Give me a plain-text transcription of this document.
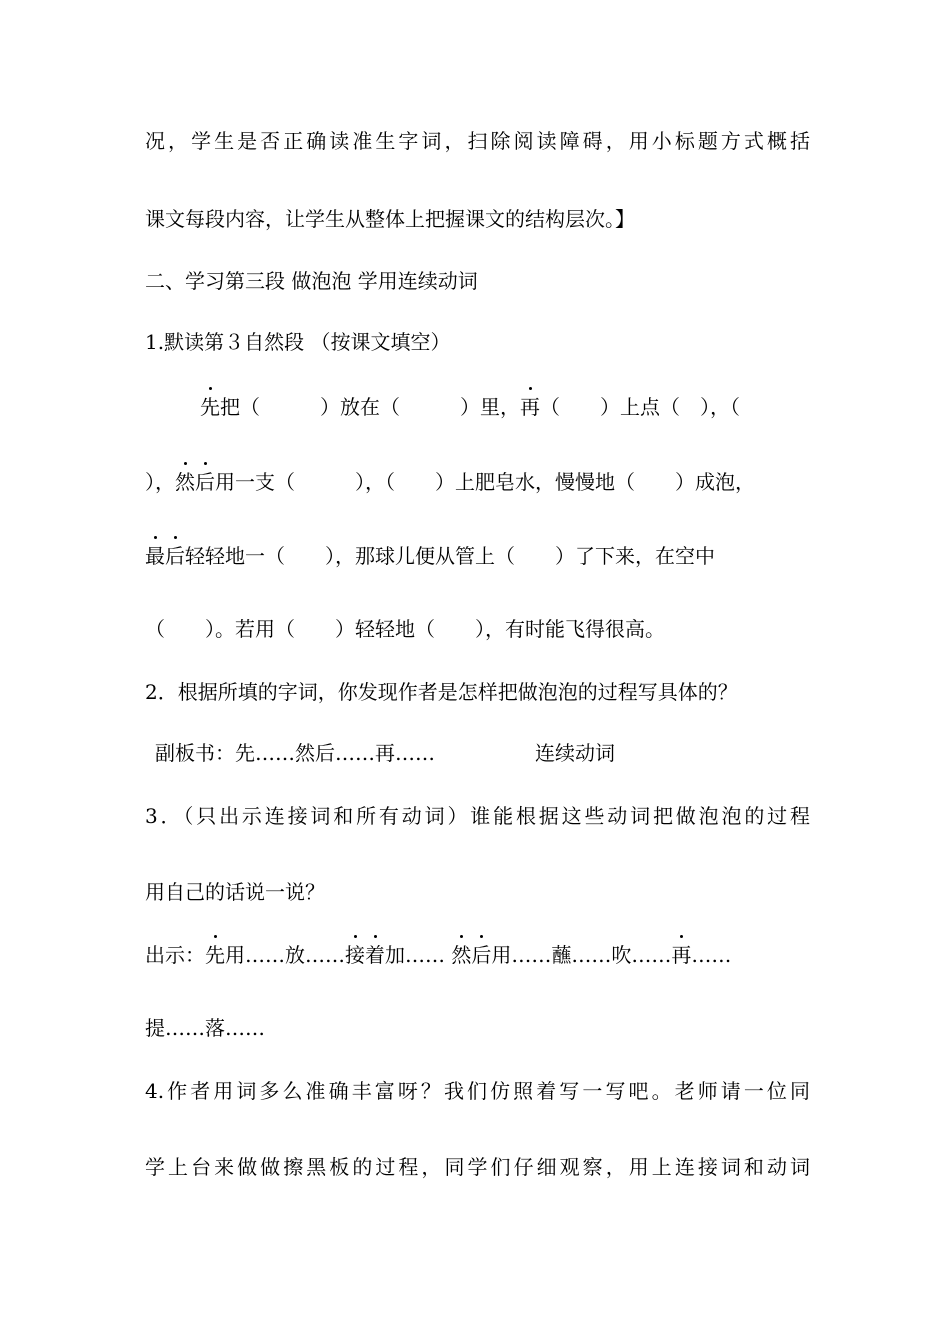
况，学生是否正确读准生字词，扫除阅读障碍，用小标题方式概括
课文每段内容，让学生从整体上把握课文的结构层次。】
二、学习第三段 做泡泡 学用连续动词
1.默读第３自然段 （按课文填空）
先把（　　　）放在（　　　）里，再（　　）上点（　），（
），然后用一支（　　　），（　　）上肥皂水，慢慢地（　　）成泡，
最后轻轻地一（　　），那球儿便从管上（　　）了下来，在空中
（　　）。若用（　　）轻轻地（　　），有时能飞得很高。
2．根据所填的字词，你发现作者是怎样把做泡泡的过程写具体的？
副板书：先……然后……再……	连续动词
3．（只出示连接词和所有动词）谁能根据这些动词把做泡泡的过程
用自己的话说一说？
出示：先用……放……接着加…… 然后用……蘸……吹……再……
提……落……
4.作者用词多么准确丰富呀？我们仿照着写一写吧。老师请一位同
学上台来做做擦黑板的过程，同学们仔细观察，用上连接词和动词
